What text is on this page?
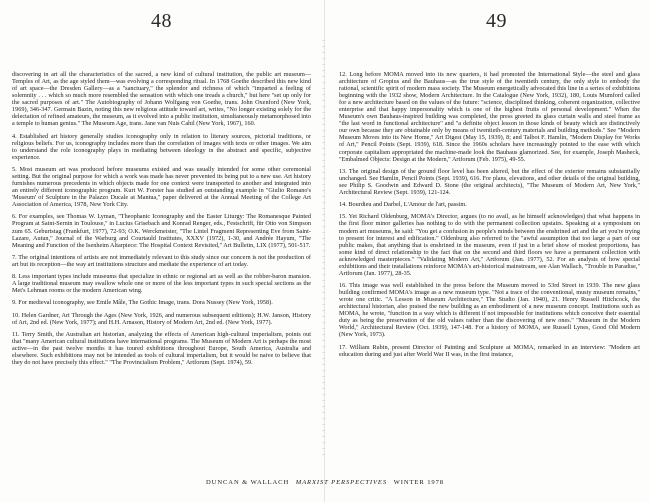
48

discovering in art all the characteristics of the sacred, a new kind of cultural institution, the public art museum—Temples of Art, as the age styled them—was evolving a corresponding ritual. In 1768 Goethe described this new kind of art space—the Dresden Gallery—as a "sanctuary," the splendor and richness of which "imparted a feeling of solemnity . . . which so much more resembled the sensation with which one treads a church," but here "set up only for the sacred purposes of art." The Autobiography of Johann Wolfgang von Goethe, trans. John Oxenford (New York, 1969), 346-347. Germain Bazin, noting this new religious attitude toward art, writes, "No longer existing solely for the delectation of refined amateurs, the museum, as it evolved into a public institution, simultaneously metamorphosed into a temple to human genius." The Museum Age, trans. Jane van Nuis Cahil (New York, 1967), 160.

4. Established art history generally studies iconography only in relation to literary sources, pictorial traditions, or religious beliefs. For us, iconography includes more than the correlation of images with texts or other images. We aim to understand the role iconography plays in mediating between ideology in the abstract and specific, subjective experience.

5. Most museum art was produced before museums existed and was usually intended for some other ceremonial setting. But the original purpose for which a work was made has never prevented its being put to a new use. Art history furnishes numerous precedents in which objects made for one context were transported to another and integrated into an entirely different iconographic program. Kurt W. Forster has studied an outstanding example in "Giulio Romano's 'Museum' of Sculpture in the Palazzo Ducale at Mantua," paper delivered at the Annual Meeting of the College Art Association of America, 1978, New York City.

6. For examples, see Thomas W. Lyman, "Theophanic Iconography and the Easter Liturgy: The Romanesque Painted Program at Saint-Sernin in Toulouse," in Lucius Grisebach and Konrad Renger, eds., Festschrift, für Otto von Simpson zum 65. Geburtstag (Frankfurt, 1977), 72-93; O.K. Werckmeister, "The Lintel Fragment Representing Eve from Saint-Lazare, Autun," Journal of the Warburg and Courtauld Institutes, XXXV (1972), 1-30, and Andrée Hayum, "The Meaning and Function of the Isenheim Altarpiece: The Hospital Context Revisited," Art Bulletin, LIX (1977), 501-517.

7. The original intentions of artists are not immediately relevant to this study since our concern is not the production of art but its reception—the way art institutions structure and mediate the experience of art today.

8. Less important types include museums that specialize in ethnic or regional art as well as the robber-baron mansion. A large traditional museum may swallow whole one or more of the less important types in such special sections as the Met's Lehman rooms or the modern American wing.

9. For medieval iconography, see Emile Mâle, The Gothic Image, trans. Dora Nussey (New York, 1958).

10. Helen Gardner, Art Through the Ages (New York, 1926, and numerous subsequent editions); H.W. Janson, History of Art, 2nd ed. (New York, 1977); and H.H. Arnason, History of Modern Art, 2nd ed. (New York, 1977).

11. Terry Smith, the Australian art historian, analyzing the effects of American high-cultural imperialism, points out that "many American cultural institutions have international programs. The Museum of Modern Art is perhaps the most active—in the past twelve months it has toured exhibitions throughout Europe, South America, Australia and elsewhere. Such exhibitions may not be intended as tools of cultural imperialism, but it would be naive to believe that they do not have precisely this effect." "The Provincialism Problem," Artforum (Sept. 1974), 59.

49

12. Long before MOMA moved into its new quarters, it had promoted the International Style—the steel and glass architecture of Gropius and the Bauhaus—as the true style of the twentieth century, the only style to embody the rational, scientific spirit of modern mass society. The Museum energetically advocated this line in a series of exhibitions beginning with the 1932 show, Modern Architecture. In the Catalogue (New York, 1932), 180, Louis Mumford called for a new architecture based on the values of the future: "science, disciplined thinking, coherent organization, collective enterprise and that happy impersonality which is one of the highest fruits of personal development." When the Museum's own Bauhaus-inspired building was completed, the press greeted its glass curtain walls and steel frame as "the last word in functional architecture" and "a definite object lesson in those kinds of beauty which are distinctively our own because they are obtainable only by means of twentieth-century materials and building methods." See "Modern Museum Moves into its New Home," Art Digest (May 15, 1939), 8; and Talbot F. Hamlin, "Modern Display for Works of Art," Pencil Points (Sept. 1939), 618. Since the 1960s scholars have increasingly pointed to the ease with which corporate capitalism appropriated the machine-made look the Bauhaus glamorized. See, for example, Joseph Masheck, "Embalmed Objects: Design at the Modern," Artforum (Feb. 1975), 49-55.

13. The original design of the ground floor level has been altered, but the effect of the exterior remains substantially unchanged. See Hamlin, Pencil Points (Sept. 1939), 616. For plans, elevations, and other details of the original building, see Philip S. Goodwin and Edward D. Stone (the original architects), "The Museum of Modern Art, New York," Architectural Review (Sept. 1939), 121-124.

14. Bourdieu and Darbel, L'Amour de l'art, passim.

15. Yet Richard Oldenburg, MOMA's Director, argues (to no avail, as he himself acknowledges) that what happens in the first floor minor galleries has nothing to do with the permanent collection upstairs. Speaking at a symposium on modern art museums, he said: "You get a confusion in people's minds between the enshrined art and the art you're trying to present for interest and edification." Oldenburg also referred to the "awful assumption that too large a part of our public makes, that anything that is enshrined in the museum, even if just in a brief show of modest proportions, has some kind of direct relationship to the fact that on the second and third floors we have a permanent collection with acknowledged masterpieces." "Validating Modern Art," Artforum (Jan. 1977), 52. For an analysis of how special exhibitions and their installations reinforce MOMA's art-historical mainstream, see Alan Wallach, "Trouble in Paradise," Artforum (Jan. 1977), 28-35.

16. This image was well established in the press before the Museum moved to 53rd Street in 1939. The new glass building confirmed MOMA's image as a new museum type. "Not a trace of the conventional, musty museum remains," wrote one critic. "A Lesson in Museum Architecture," The Studio (Jan. 1940), 21. Henry Russell Hitchcock, the architectural historian, also praised the new building as an embodiment of a new museum concept. Institutions such as MOMA, he wrote, "function in a way which is different if not impossible for institutions which conceive their essential duty as being the preservation of the old values rather than the discovering of new ones." "Museum in the Modern World," Architectural Review (Oct. 1939), 147-148. For a history of MOMA, see Russell Lynes, Good Old Modern (New York, 1973).

17. William Rubin, present Director of Painting and Sculpture at MOMA, remarked in an interview: "Modern art education during and just after World War II was, in the first instance,

DUNCAN & WALLACH MARXIST PERSPECTIVES WINTER 1978
